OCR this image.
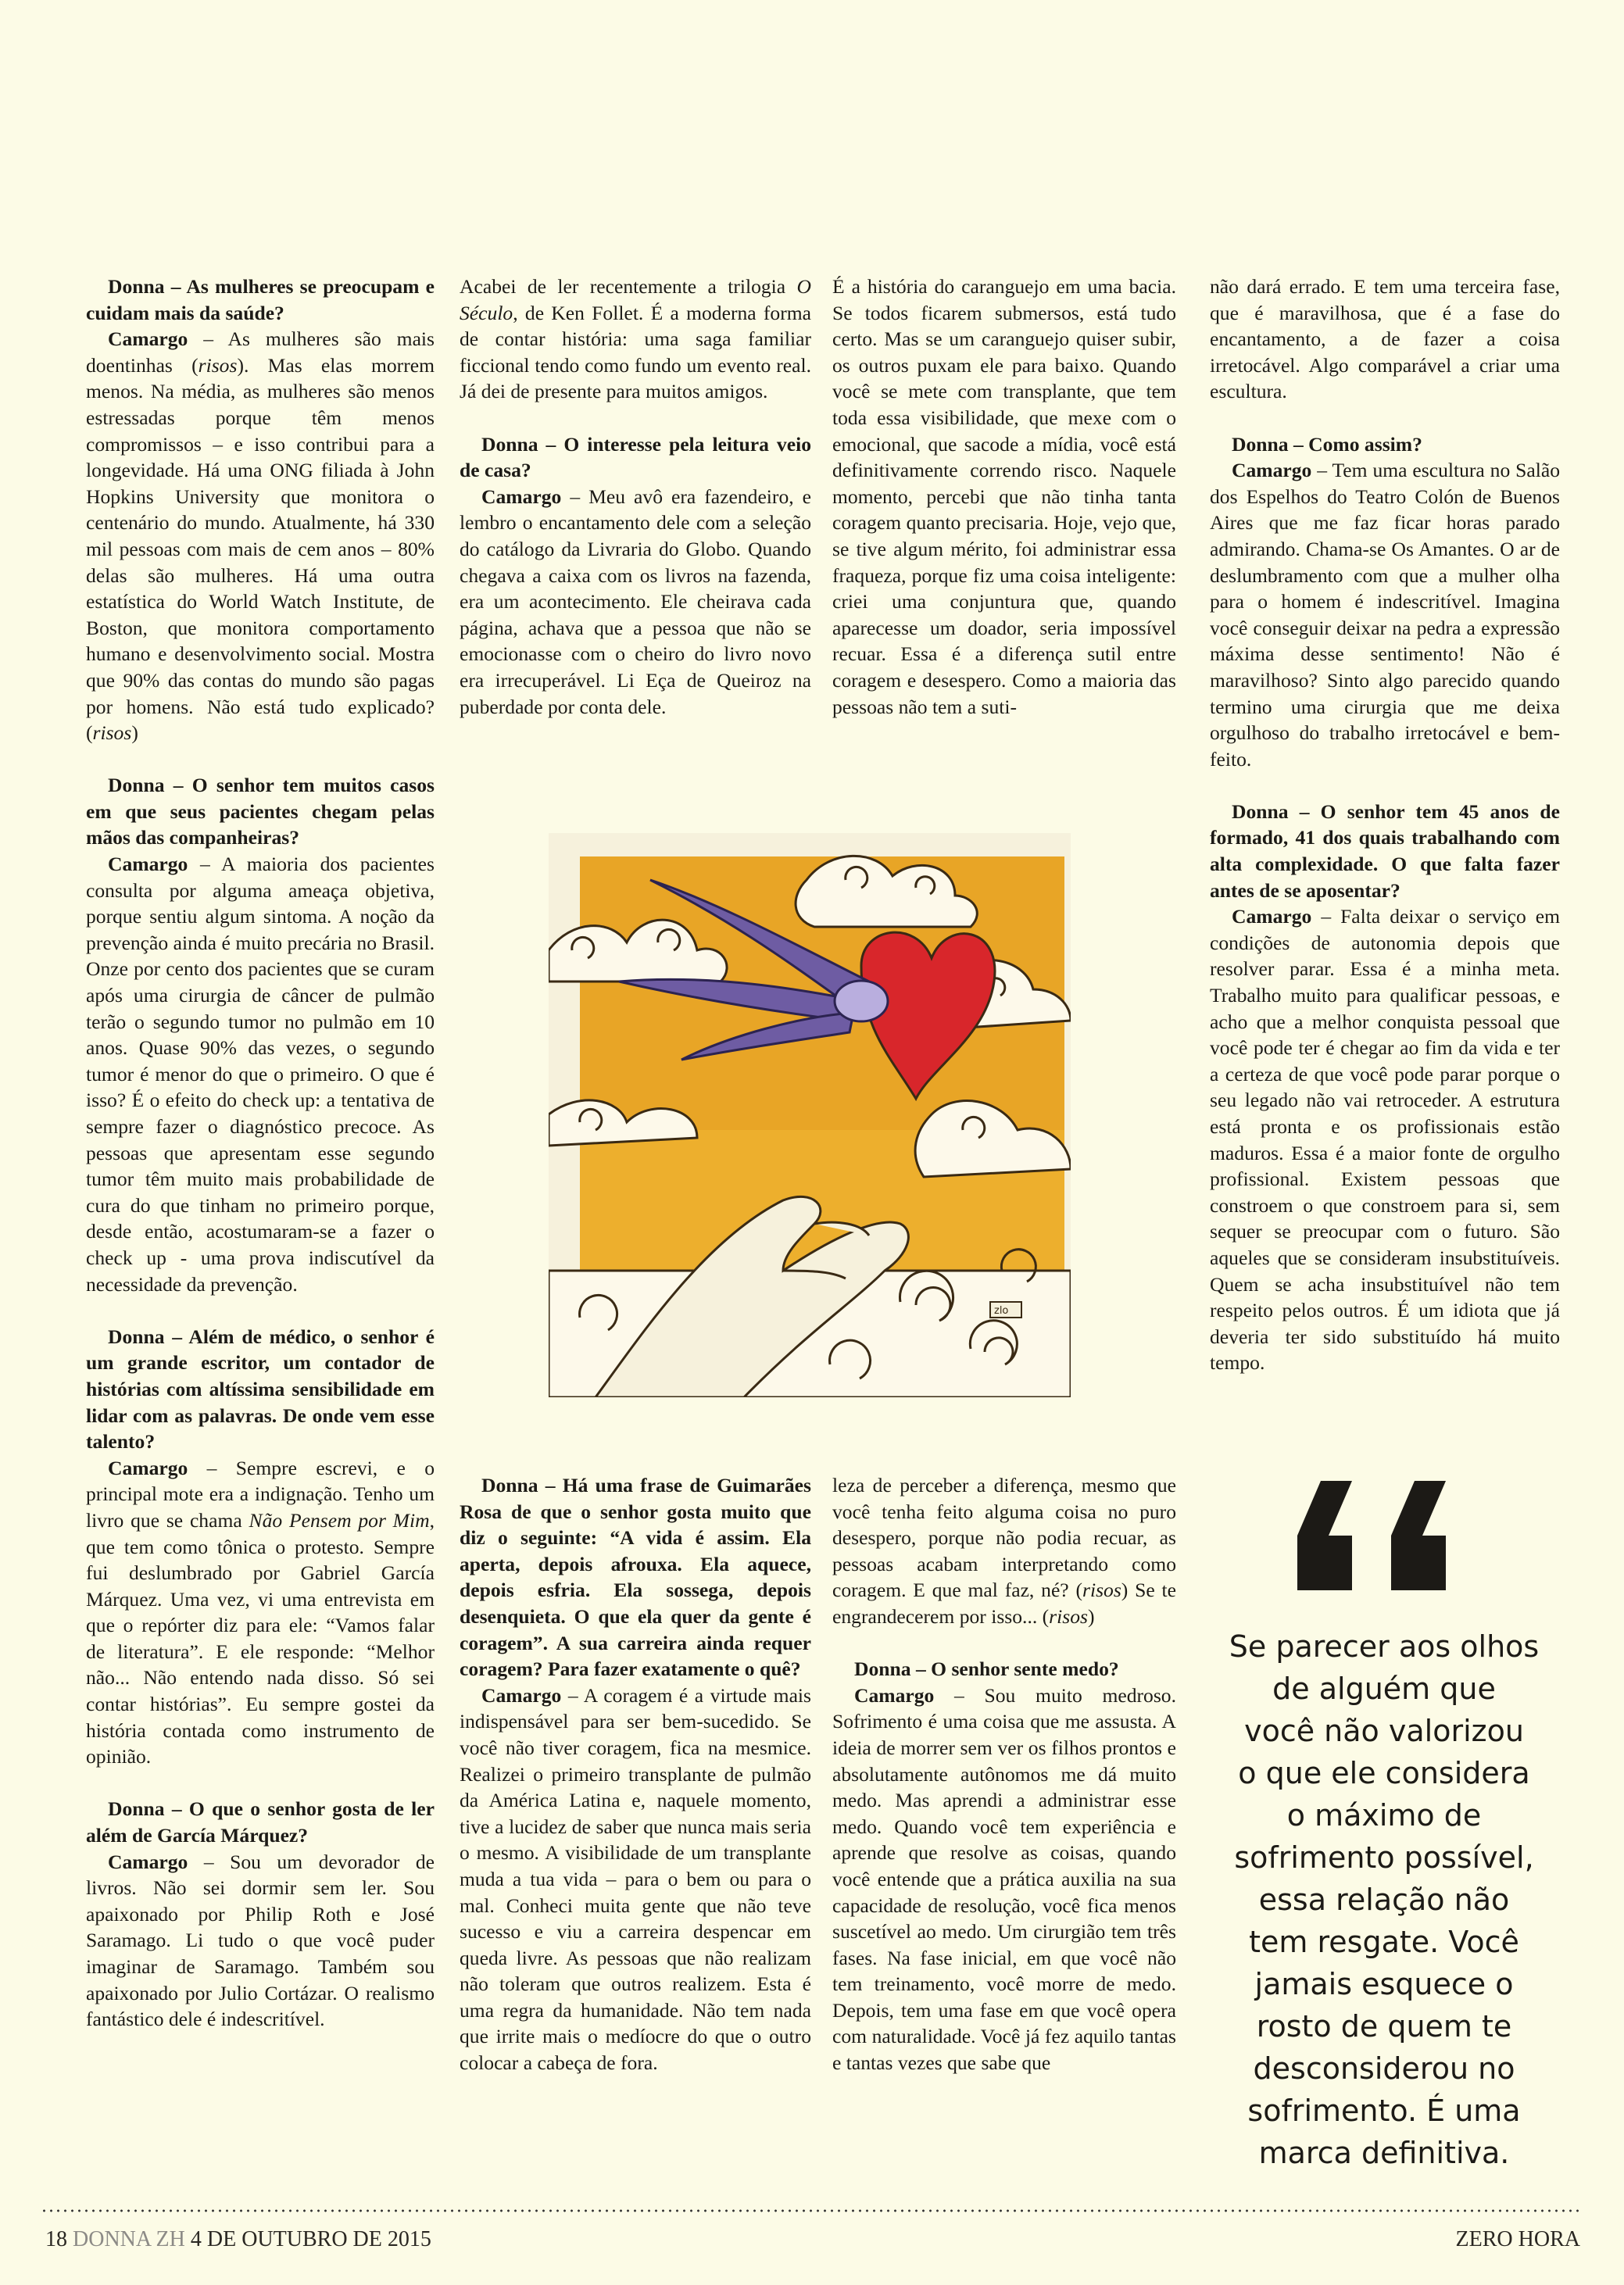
Donna – As mulheres se preocupam e cuidam mais da saúde?

Camargo – As mulheres são mais doentinhas (risos). Mas elas morrem menos. Na média, as mulheres são menos estressadas porque têm menos compromissos – e isso contribui para a longevidade. Há uma ONG filiada à John Hopkins University que monitora o centenário do mundo. Atualmente, há 330 mil pessoas com mais de cem anos – 80% delas são mulheres. Há uma outra estatística do World Watch Institute, de Boston, que monitora comportamento humano e desenvolvimento social. Mostra que 90% das contas do mundo são pagas por homens. Não está tudo explicado? (risos)

Donna – O senhor tem muitos casos em que seus pacientes chegam pelas mãos das companheiras?

Camargo – A maioria dos pacientes consulta por alguma ameaça objetiva, porque sentiu algum sintoma. A noção da prevenção ainda é muito precária no Brasil. Onze por cento dos pacientes que se curam após uma cirurgia de câncer de pulmão terão o segundo tumor no pulmão em 10 anos. Quase 90% das vezes, o segundo tumor é menor do que o primeiro. O que é isso? É o efeito do check up: a tentativa de sempre fazer o diagnóstico precoce. As pessoas que apresentam esse segundo tumor têm muito mais probabilidade de cura do que tinham no primeiro porque, desde então, acostumaram-se a fazer o check up - uma prova indiscutível da necessidade da prevenção.

Donna – Além de médico, o senhor é um grande escritor, um contador de histórias com altíssima sensibilidade em lidar com as palavras. De onde vem esse talento?

Camargo – Sempre escrevi, e o principal mote era a indignação. Tenho um livro que se chama Não Pensem por Mim, que tem como tônica o protesto. Sempre fui deslumbrado por Gabriel García Márquez. Uma vez, vi uma entrevista em que o repórter diz para ele: “Vamos falar de literatura”. E ele responde: “Melhor não... Não entendo nada disso. Só sei contar histórias”. Eu sempre gostei da história contada como instrumento de opinião.

Donna – O que o senhor gosta de ler além de García Márquez?

Camargo – Sou um devorador de livros. Não sei dormir sem ler. Sou apaixonado por Philip Roth e José Saramago. Li tudo o que você puder imaginar de Saramago. Também sou apaixonado por Julio Cortázar. O realismo fantástico dele é indescritível.

Acabei de ler recentemente a trilogia O Século, de Ken Follet. É a moderna forma de contar história: uma saga familiar ficcional tendo como fundo um evento real. Já dei de presente para muitos amigos.

Donna – O interesse pela leitura veio de casa?

Camargo – Meu avô era fazendeiro, e lembro o encantamento dele com a seleção do catálogo da Livraria do Globo. Quando chegava a caixa com os livros na fazenda, era um acontecimento. Ele cheirava cada página, achava que a pessoa que não se emocionasse com o cheiro do livro novo era irrecuperável. Li Eça de Queiroz na puberdade por conta dele.

É a história do caranguejo em uma bacia. Se todos ficarem submersos, está tudo certo. Mas se um caranguejo quiser subir, os outros puxam ele para baixo. Quando você se mete com transplante, que tem toda essa visibilidade, que mexe com o emocional, que sacode a mídia, você está definitivamente correndo risco. Naquele momento, percebi que não tinha tanta coragem quanto precisaria. Hoje, vejo que, se tive algum mérito, foi administrar essa fraqueza, porque fiz uma coisa inteligente: criei uma conjuntura que, quando aparecesse um doador, seria impossível recuar. Essa é a diferença sutil entre coragem e desespero. Como a maioria das pessoas não tem a suti-

não dará errado. E tem uma terceira fase, que é maravilhosa, que é a fase do encantamento, a de fazer a coisa irretocável. Algo comparável a criar uma escultura.

Donna – Como assim?

Camargo – Tem uma escultura no Salão dos Espelhos do Teatro Colón de Buenos Aires que me faz ficar horas parado admirando. Chama-se Os Amantes. O ar de deslumbramento com que a mulher olha para o homem é indescritível. Imagina você conseguir deixar na pedra a expressão máxima desse sentimento! Não é maravilhoso? Sinto algo parecido quando termino uma cirurgia que me deixa orgulhoso do trabalho irretocável e bem-feito.

Donna – O senhor tem 45 anos de formado, 41 dos quais trabalhando com alta complexidade. O que falta fazer antes de se aposentar?

Camargo – Falta deixar o serviço em condições de autonomia depois que resolver parar. Essa é a minha meta. Trabalho muito para qualificar pessoas, e acho que a melhor conquista pessoal que você pode ter é chegar ao fim da vida e ter a certeza de que você pode parar porque o seu legado não vai retroceder. A estrutura está pronta e os profissionais estão maduros. Essa é a maior fonte de orgulho profissional. Existem pessoas que constroem o que constroem para si, sem sequer se preocupar com o futuro. São aqueles que se consideram insubstituíveis. Quem se acha insubstituível não tem respeito pelos outros. É um idiota que já deveria ter sido substituído há muito tempo.

Donna – Há uma frase de Guimarães Rosa de que o senhor gosta muito que diz o seguinte: “A vida é assim. Ela aperta, depois afrouxa. Ela aquece, depois esfria. Ela sossega, depois desenquieta. O que ela quer da gente é coragem”. A sua carreira ainda requer coragem? Para fazer exatamente o quê?

Camargo – A coragem é a virtude mais indispensável para ser bem-sucedido. Se você não tiver coragem, fica na mesmice. Realizei o primeiro transplante de pulmão da América Latina e, naquele momento, tive a lucidez de saber que nunca mais seria o mesmo. A visibilidade de um transplante muda a tua vida – para o bem ou para o mal. Conheci muita gente que não teve sucesso e viu a carreira despencar em queda livre. As pessoas que não realizam não toleram que outros realizem. Esta é uma regra da humanidade. Não tem nada que irrite mais o medíocre do que o outro colocar a cabeça de fora.

leza de perceber a diferença, mesmo que você tenha feito alguma coisa no puro desespero, porque não podia recuar, as pessoas acabam interpretando como coragem. E que mal faz, né? (risos) Se te engrandecerem por isso... (risos)

Donna – O senhor sente medo?

Camargo – Sou muito medroso. Sofrimento é uma coisa que me assusta. A ideia de morrer sem ver os filhos prontos e absolutamente autônomos me dá muito medo. Mas aprendi a administrar esse medo. Quando você tem experiência e aprende que resolve as coisas, quando você entende que a prática auxilia na sua capacidade de resolução, você fica menos suscetível ao medo. Um cirurgião tem três fases. Na fase inicial, em que você não tem treinamento, você morre de medo. Depois, tem uma fase em que você opera com naturalidade. Você já fez aquilo tantas e tantas vezes que sabe que

zlo

Se parecer aos olhos

de alguém que

você não valorizou

o que ele considera

o máximo de

sofrimento possível,

essa relação não

tem resgate. Você

jamais esquece o

rosto de quem te

desconsiderou no

sofrimento. É uma

marca definitiva.

18 DONNA ZH 4 DE OUTUBRO DE 2015	ZERO HORA
